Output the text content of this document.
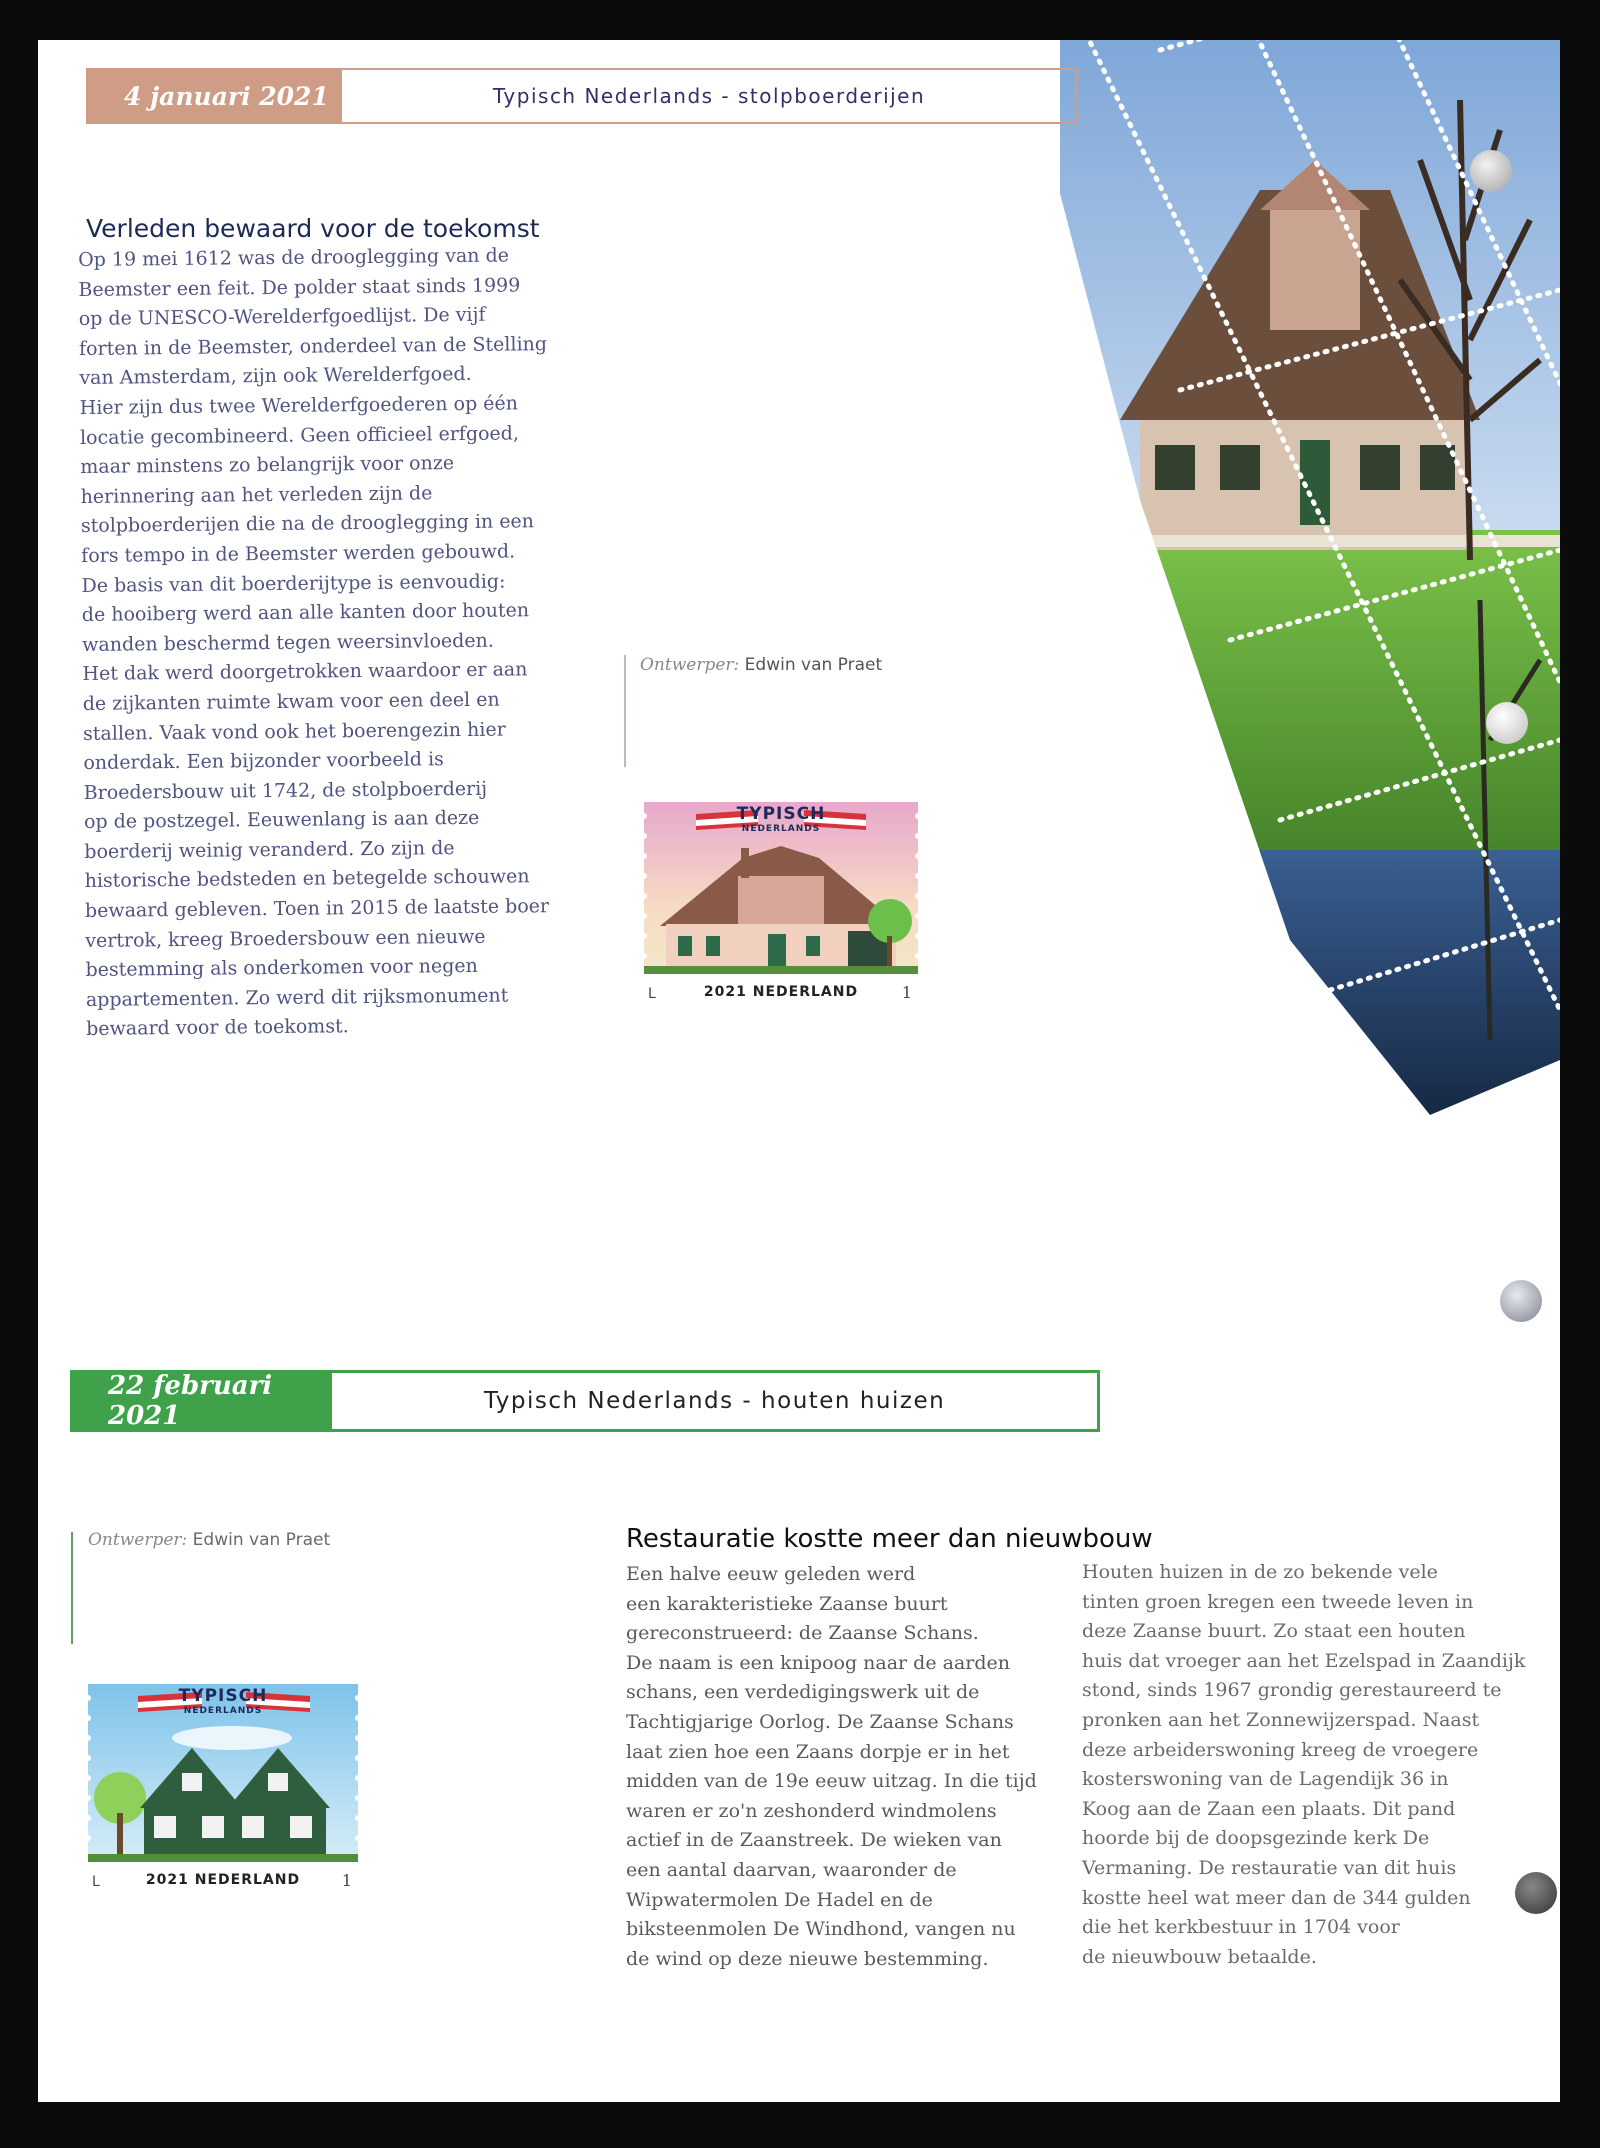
4 januari 2021	Typisch Nederlands - stolpboerderijen
Verleden bewaard voor de toekomst
Op 19 mei 1612 was de drooglegging van de
Beemster een feit. De polder staat sinds 1999
op de UNESCO-Werelderfgoedlijst. De vijf
forten in de Beemster, onderdeel van de Stelling
van Amsterdam, zijn ook Werelderfgoed.
Hier zijn dus twee Werelderfgoederen op één
locatie gecombineerd. Geen officieel erfgoed,
maar minstens zo belangrijk voor onze
herinnering aan het verleden zijn de
stolpboerderijen die na de drooglegging in een
fors tempo in de Beemster werden gebouwd.
De basis van dit boerderijtype is eenvoudig:
de hooiberg werd aan alle kanten door houten
wanden beschermd tegen weersinvloeden.
Het dak werd doorgetrokken waardoor er aan
de zijkanten ruimte kwam voor een deel en
stallen. Vaak vond ook het boerengezin hier
onderdak. Een bijzonder voorbeeld is
Broedersbouw uit 1742, de stolpboerderij
op de postzegel. Eeuwenlang is aan deze
boerderij weinig veranderd. Zo zijn de
historische bedsteden en betegelde schouwen
bewaard gebleven. Toen in 2015 de laatste boer
vertrok, kreeg Broedersbouw een nieuwe
bestemming als onderkomen voor negen
appartementen. Zo werd dit rijksmonument
bewaard voor de toekomst.
Ontwerper: Edwin van Praet
TYPISCH
NEDERLANDS
2021 NEDERLAND
L	1
22 februari 2021	Typisch Nederlands - houten huizen
Ontwerper: Edwin van Praet
TYPISCH
NEDERLANDS
2021 NEDERLAND
L	1
Restauratie kostte meer dan nieuwbouw
Een halve eeuw geleden werd
een karakteristieke Zaanse buurt
gereconstrueerd: de Zaanse Schans.
De naam is een knipoog naar de aarden
schans, een verdedigingswerk uit de
Tachtigjarige Oorlog. De Zaanse Schans
laat zien hoe een Zaans dorpje er in het
midden van de 19e eeuw uitzag. In die tijd
waren er zo'n zeshonderd windmolens
actief in de Zaanstreek. De wieken van
een aantal daarvan, waaronder de
Wipwatermolen De Hadel en de
biksteenmolen De Windhond, vangen nu
de wind op deze nieuwe bestemming.
Houten huizen in de zo bekende vele
tinten groen kregen een tweede leven in
deze Zaanse buurt. Zo staat een houten
huis dat vroeger aan het Ezelspad in Zaandijk
stond, sinds 1967 grondig gerestaureerd te
pronken aan het Zonnewijzerspad. Naast
deze arbeiderswoning kreeg de vroegere
kosterswoning van de Lagendijk 36 in
Koog aan de Zaan een plaats. Dit pand
hoorde bij de doopsgezinde kerk De
Vermaning. De restauratie van dit huis
kostte heel wat meer dan de 344 gulden
die het kerkbestuur in 1704 voor
de nieuwbouw betaalde.
